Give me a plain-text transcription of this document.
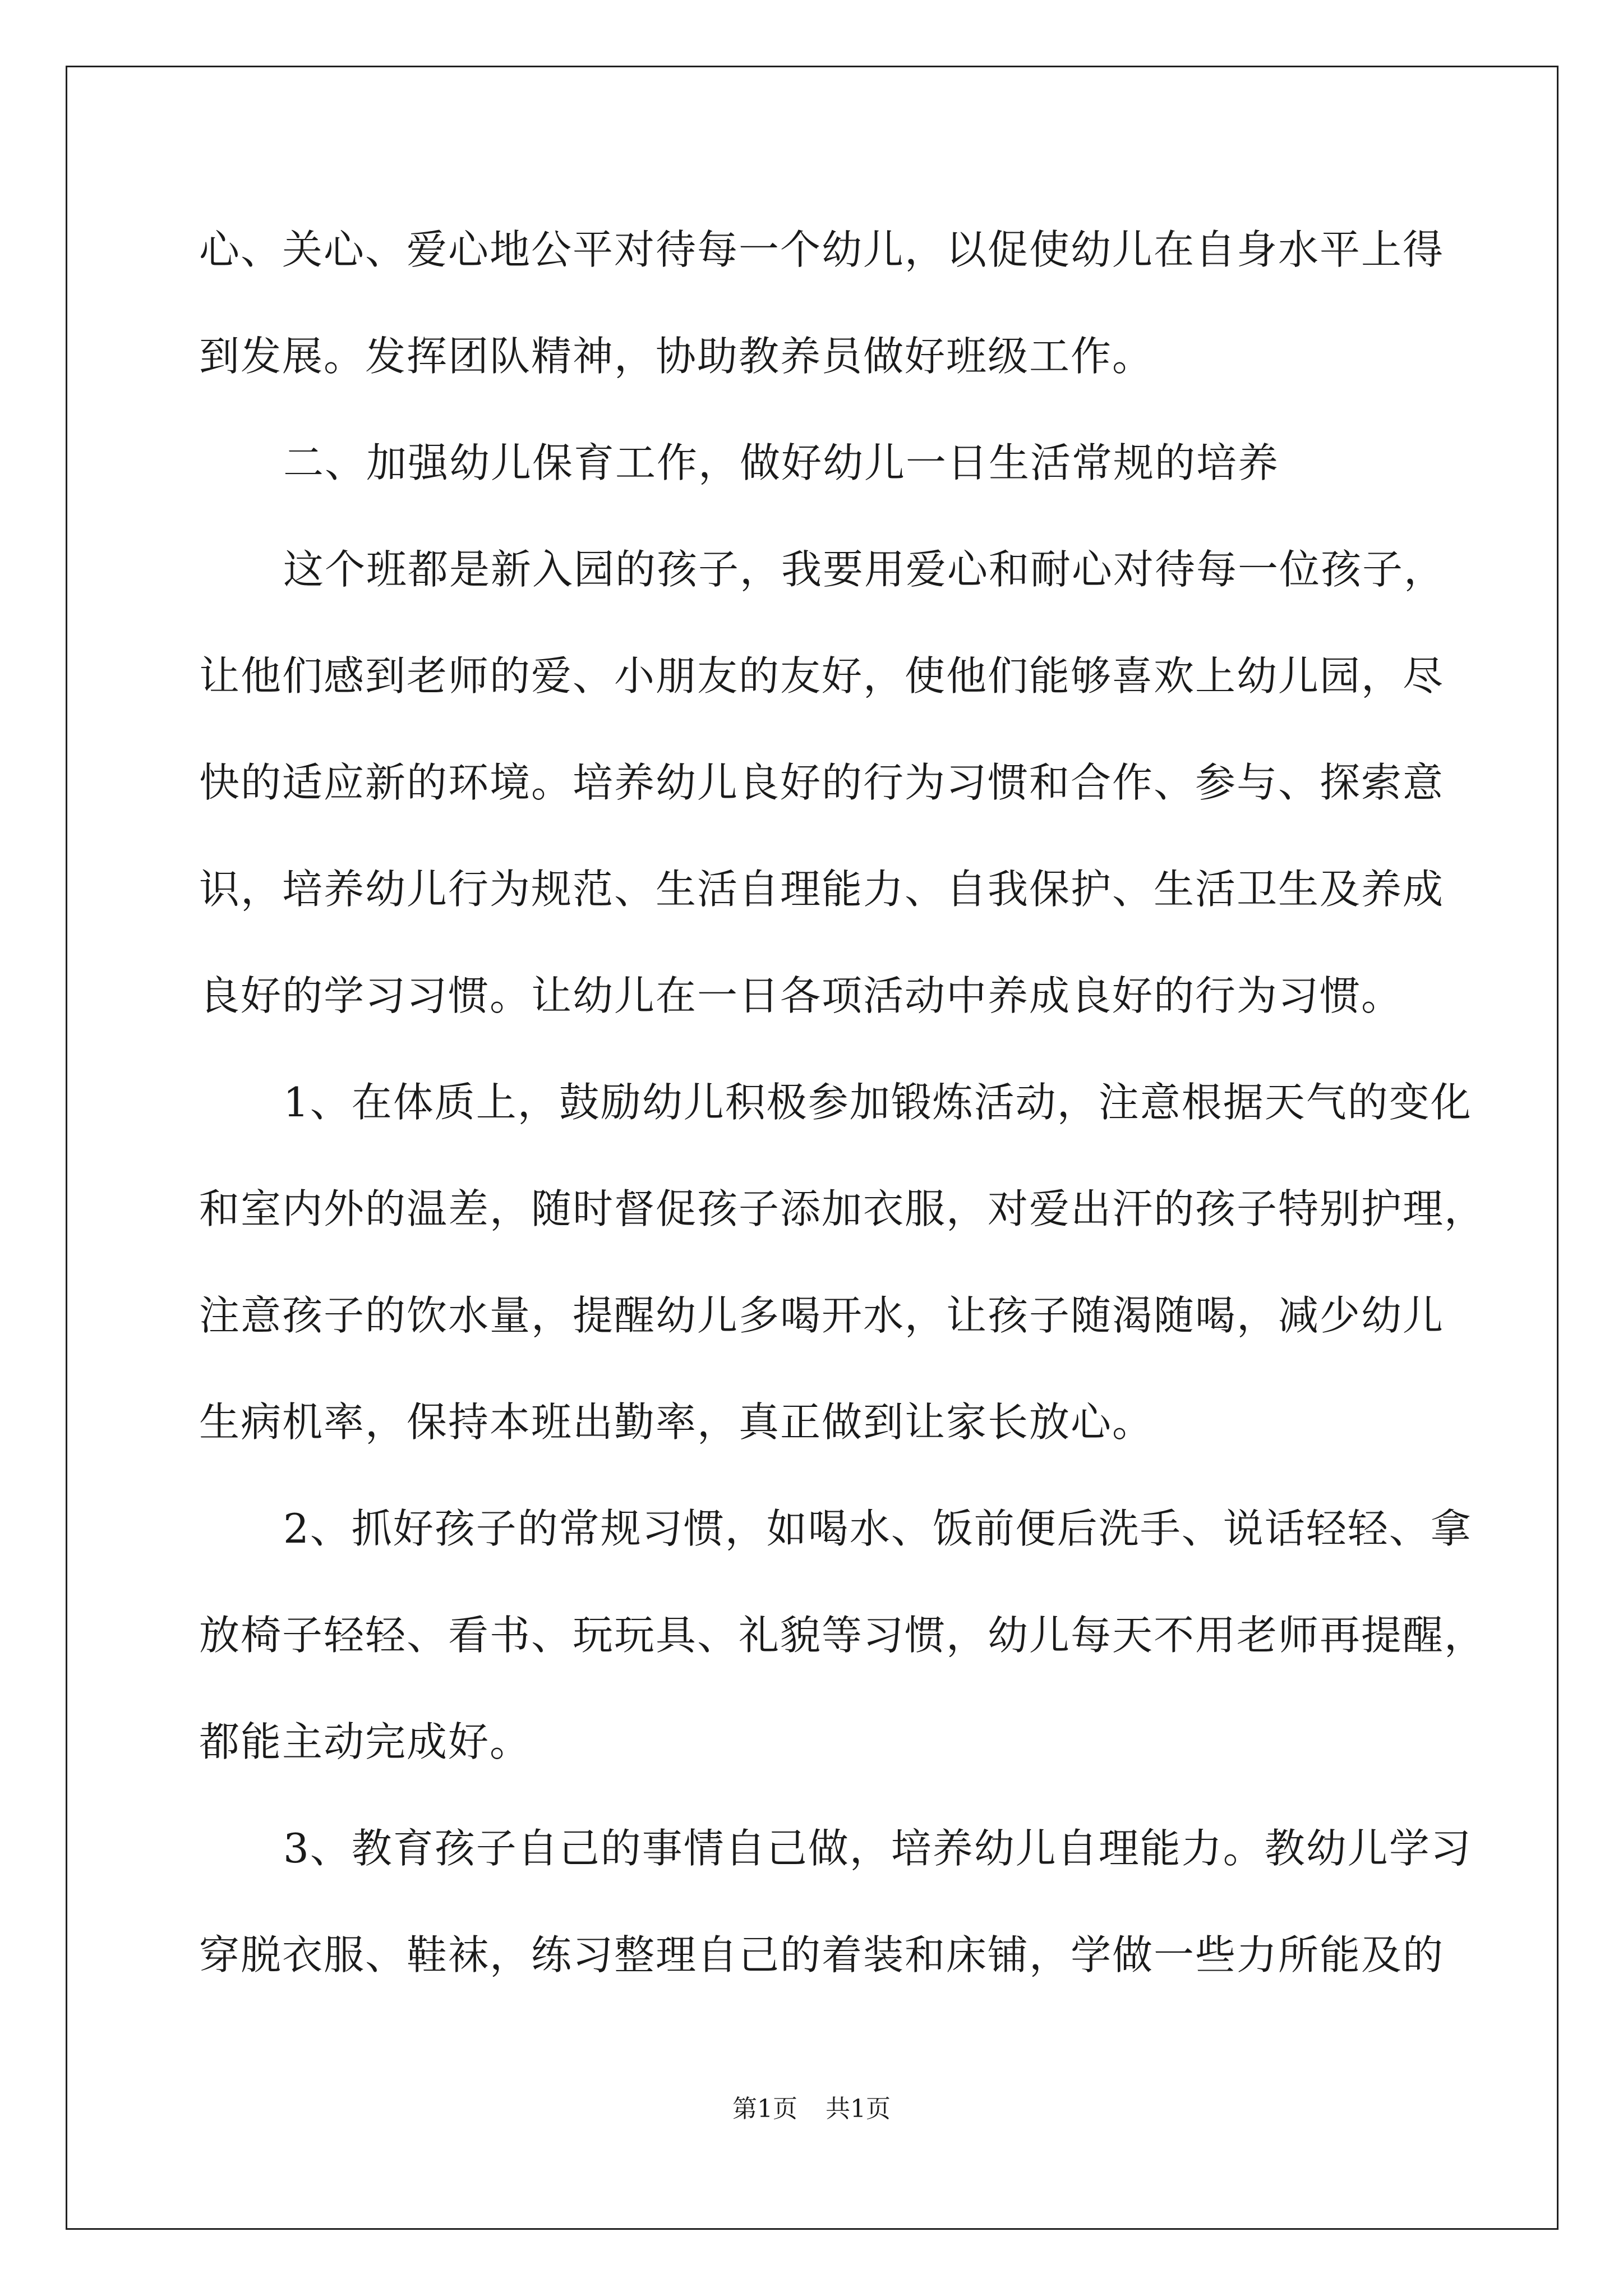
心、关心、爱心地公平对待每一个幼儿，以促使幼儿在自身水平上得
到发展。发挥团队精神，协助教养员做好班级工作。
二、加强幼儿保育工作，做好幼儿一日生活常规的培养
这个班都是新入园的孩子，我要用爱心和耐心对待每一位孩子，
让他们感到老师的爱、小朋友的友好，使他们能够喜欢上幼儿园，尽
快的适应新的环境。培养幼儿良好的行为习惯和合作、参与、探索意
识，培养幼儿行为规范、生活自理能力、自我保护、生活卫生及养成
良好的学习习惯。让幼儿在一日各项活动中养成良好的行为习惯。
1、在体质上，鼓励幼儿积极参加锻炼活动，注意根据天气的变化
和室内外的温差，随时督促孩子添加衣服，对爱出汗的孩子特别护理，
注意孩子的饮水量，提醒幼儿多喝开水，让孩子随渴随喝，减少幼儿
生病机率，保持本班出勤率，真正做到让家长放心。
2、抓好孩子的常规习惯，如喝水、饭前便后洗手、说话轻轻、拿
放椅子轻轻、看书、玩玩具、礼貌等习惯，幼儿每天不用老师再提醒，
都能主动完成好。
3、教育孩子自己的事情自己做，培养幼儿自理能力。教幼儿学习
穿脱衣服、鞋袜，练习整理自己的着装和床铺，学做一些力所能及的
第1页 共1页
